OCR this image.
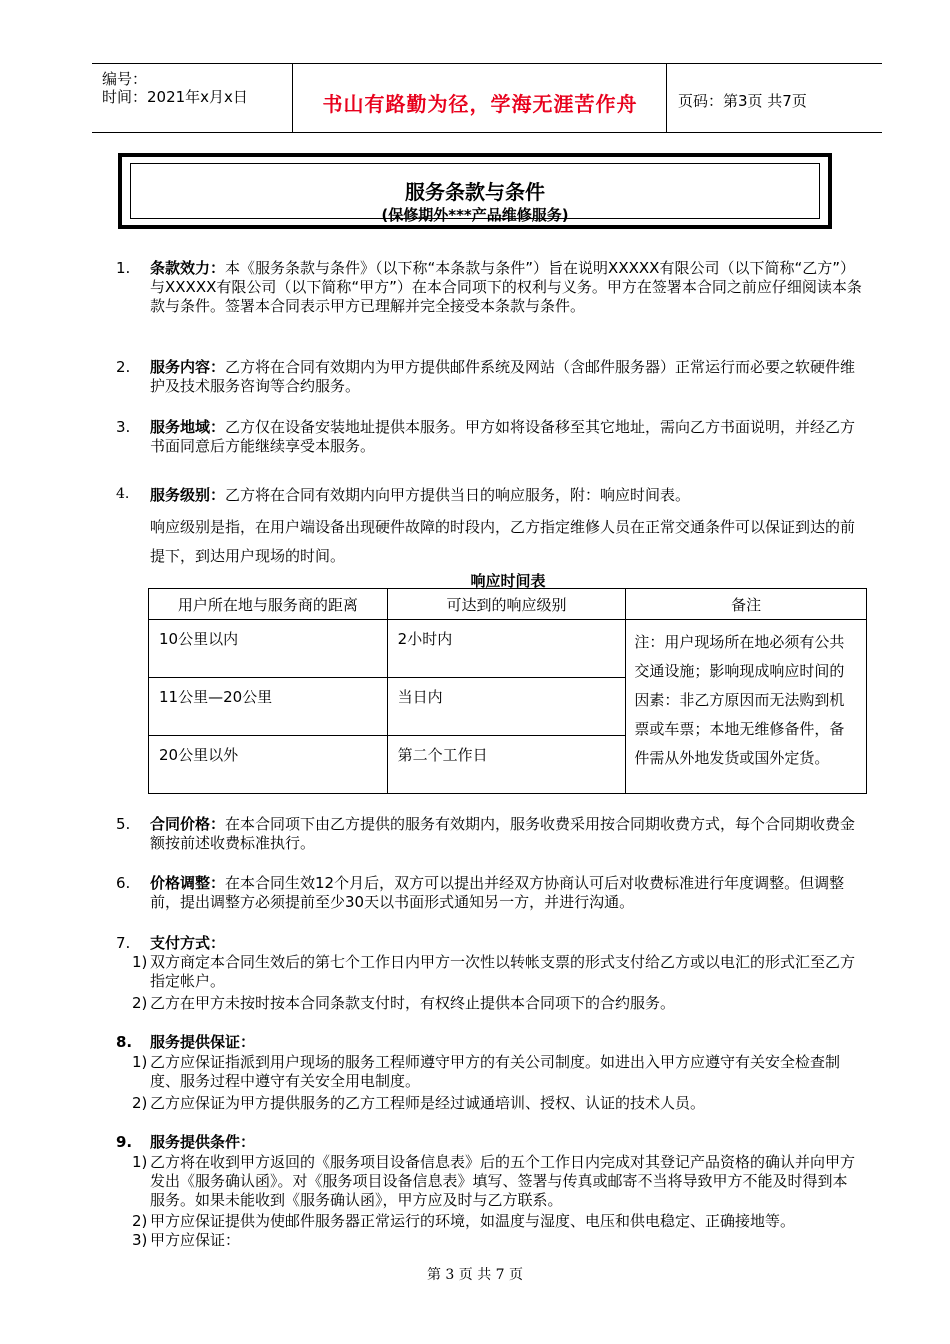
编号：
时间：2021年x月x日	书山有路勤为径，学海无涯苦作舟	页码：第3页 共7页
服务条款与条件
(保修期外***产品维修服务)
1. 条款效力：本《服务条款与条件》（以下称“本条款与条件”）旨在说明XXXXX有限公司（以下简称“乙方”）与XXXXX有限公司（以下简称“甲方”）在本合同项下的权利与义务。甲方在签署本合同之前应仔细阅读本条款与条件。签署本合同表示甲方已理解并完全接受本条款与条件。
2. 服务内容：乙方将在合同有效期内为甲方提供邮件系统及网站（含邮件服务器）正常运行而必要之软硬件维护及技术服务咨询等合约服务。
3. 服务地域：乙方仅在设备安装地址提供本服务。甲方如将设备移至其它地址，需向乙方书面说明，并经乙方书面同意后方能继续享受本服务。
4. 服务级别：乙方将在合同有效期内向甲方提供当日的响应服务，附：响应时间表。
响应级别是指，在用户端设备出现硬件故障的时段内，乙方指定维修人员在正常交通条件可以保证到达的前提下，到达用户现场的时间。
响应时间表
用户所在地与服务商的距离	可达到的响应级别	备注
10公里以内	2小时内	注：用户现场所在地必须有公共交通设施；影响现成响应时间的因素：非乙方原因而无法购到机票或车票；本地无维修备件，备件需从外地发货或国外定货。
11公里—20公里	当日内	
20公里以外	第二个工作日	
5. 合同价格：在本合同项下由乙方提供的服务有效期内，服务收费采用按合同期收费方式，每个合同期收费金额按前述收费标准执行。
6. 价格调整：在本合同生效12个月后，双方可以提出并经双方协商认可后对收费标准进行年度调整。但调整前，提出调整方必须提前至少30天以书面形式通知另一方，并进行沟通。
7. 支付方式：
1) 双方商定本合同生效后的第七个工作日内甲方一次性以转帐支票的形式支付给乙方或以电汇的形式汇至乙方指定帐户。
2) 乙方在甲方未按时按本合同条款支付时，有权终止提供本合同项下的合约服务。
8. 服务提供保证：
1) 乙方应保证指派到用户现场的服务工程师遵守甲方的有关公司制度。如进出入甲方应遵守有关安全检查制度、服务过程中遵守有关安全用电制度。
2) 乙方应保证为甲方提供服务的乙方工程师是经过诚通培训、授权、认证的技术人员。
9. 服务提供条件：
1) 乙方将在收到甲方返回的《服务项目设备信息表》后的五个工作日内完成对其登记产品资格的确认并向甲方发出《服务确认函》。对《服务项目设备信息表》填写、签署与传真或邮寄不当将导致甲方不能及时得到本服务。如果未能收到《服务确认函》，甲方应及时与乙方联系。
2) 甲方应保证提供为使邮件服务器正常运行的环境，如温度与湿度、电压和供电稳定、正确接地等。
3) 甲方应保证：
第 3 页 共 7 页
